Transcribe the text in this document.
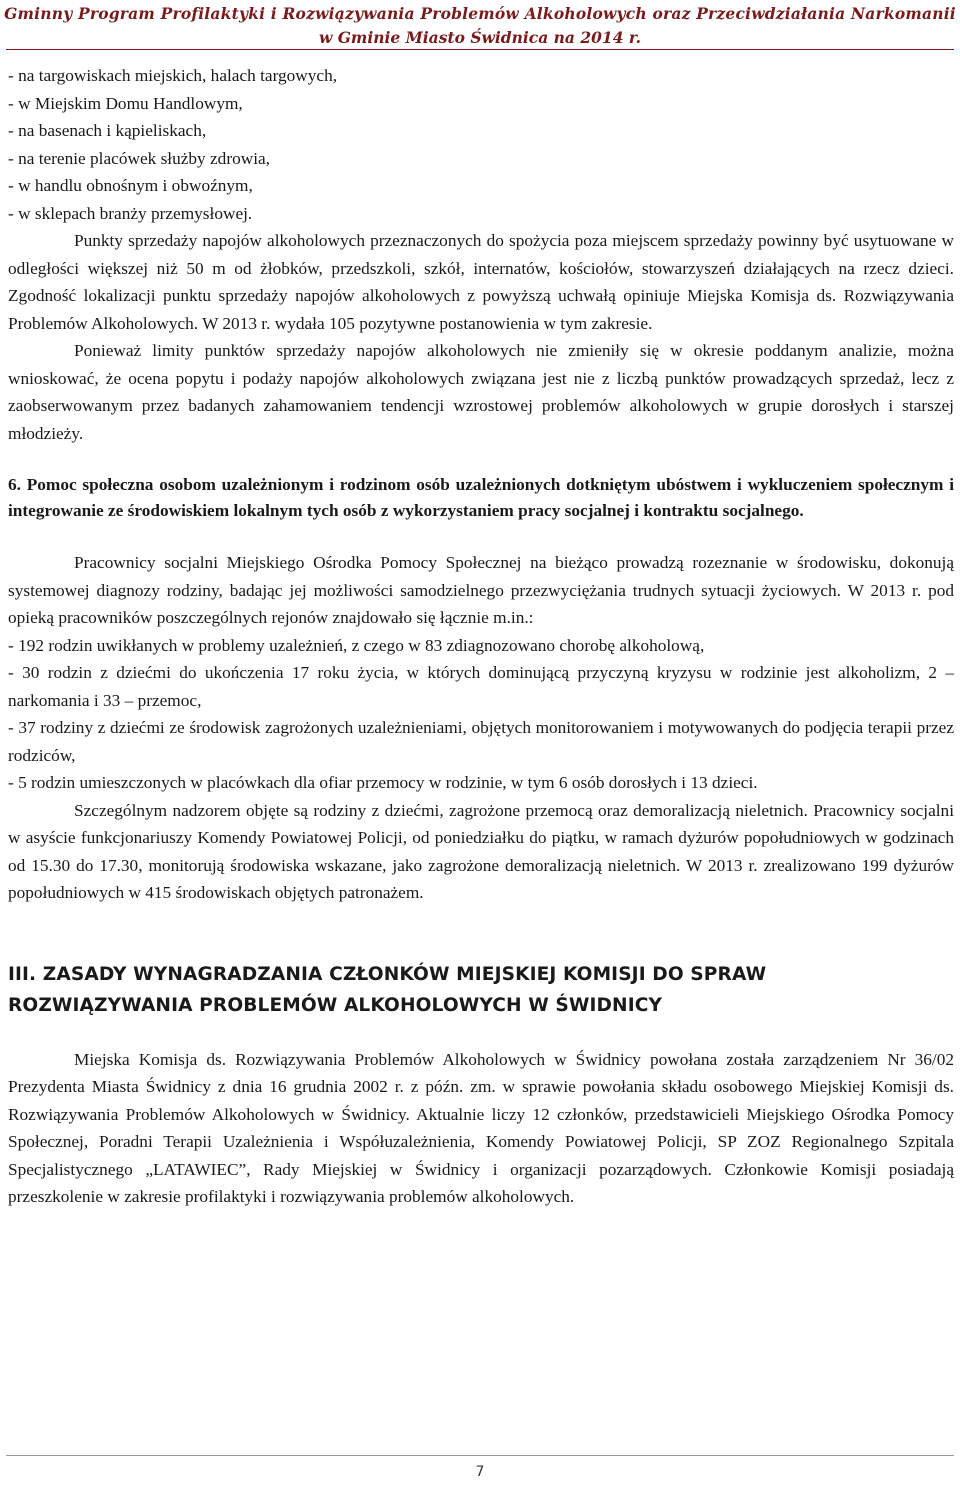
Gminny Program Profilaktyki i Rozwiązywania Problemów Alkoholowych oraz Przeciwdziałania Narkomanii
w Gminie Miasto Świdnica na 2014 r.
- na targowiskach miejskich, halach targowych,
- w Miejskim Domu Handlowym,
- na basenach i kąpieliskach,
- na terenie placówek służby zdrowia,
- w handlu obnośnym i obwoźnym,
- w sklepach branży przemysłowej.

Punkty sprzedaży napojów alkoholowych przeznaczonych do spożycia poza miejscem sprzedaży powinny być usytuowane w odległości większej niż 50 m od żłobków, przedszkoli, szkół, internatów, kościołów, stowarzyszeń działających na rzecz dzieci. Zgodność lokalizacji punktu sprzedaży napojów alkoholowych z powyższą uchwałą opiniuje Miejska Komisja ds. Rozwiązywania Problemów Alkoholowych. W 2013 r. wydała 105 pozytywne postanowienia w tym zakresie.

Ponieważ limity punktów sprzedaży napojów alkoholowych nie zmieniły się w okresie poddanym analizie, można wnioskować, że ocena popytu i podaży napojów alkoholowych związana jest nie z liczbą punktów prowadzących sprzedaż, lecz z zaobserwowanym przez badanych zahamowaniem tendencji wzrostowej problemów alkoholowych w grupie dorosłych i starszej młodzieży.

6. Pomoc społeczna osobom uzależnionym i rodzinom osób uzależnionych dotkniętym ubóstwem i wykluczeniem społecznym i integrowanie ze środowiskiem lokalnym tych osób z wykorzystaniem pracy socjalnej i kontraktu socjalnego.

Pracownicy socjalni Miejskiego Ośrodka Pomocy Społecznej na bieżąco prowadzą rozeznanie w środowisku, dokonują systemowej diagnozy rodziny, badając jej możliwości samodzielnego przezwyciężania trudnych sytuacji życiowych. W 2013 r. pod opieką pracowników poszczególnych rejonów znajdowało się łącznie m.in.:

- 192 rodzin uwikłanych w problemy uzależnień, z czego w 83 zdiagnozowano chorobę alkoholową,

- 30 rodzin z dziećmi do ukończenia 17 roku życia, w których dominującą przyczyną kryzysu w rodzinie jest alkoholizm, 2 – narkomania i 33 – przemoc,

- 37 rodziny z dziećmi ze środowisk zagrożonych uzależnieniami, objętych monitorowaniem i motywowanych do podjęcia terapii przez rodziców,

- 5 rodzin umieszczonych w placówkach dla ofiar przemocy w rodzinie, w tym 6 osób dorosłych i 13 dzieci.

Szczególnym nadzorem objęte są rodziny z dziećmi, zagrożone przemocą oraz demoralizacją nieletnich. Pracownicy socjalni w asyście funkcjonariuszy Komendy Powiatowej Policji, od poniedziałku do piątku, w ramach dyżurów popołudniowych w godzinach od 15.30 do 17.30, monitorują środowiska wskazane, jako zagrożone demoralizacją nieletnich. W 2013 r. zrealizowano 199 dyżurów popołudniowych w 415 środowiskach objętych patronażem.

III. ZASADY WYNAGRADZANIA CZŁONKÓW MIEJSKIEJ KOMISJI DO SPRAW ROZWIĄZYWANIA PROBLEMÓW ALKOHOLOWYCH W ŚWIDNICY

Miejska Komisja ds. Rozwiązywania Problemów Alkoholowych w Świdnicy powołana została zarządzeniem Nr 36/02 Prezydenta Miasta Świdnicy z dnia 16 grudnia 2002 r. z późn. zm. w sprawie powołania składu osobowego Miejskiej Komisji ds. Rozwiązywania Problemów Alkoholowych w Świdnicy. Aktualnie liczy 12 członków, przedstawicieli Miejskiego Ośrodka Pomocy Społecznej, Poradni Terapii Uzależnienia i Współuzależnienia, Komendy Powiatowej Policji, SP ZOZ Regionalnego Szpitala Specjalistycznego „LATAWIEC”, Rady Miejskiej w Świdnicy i organizacji pozarządowych. Członkowie Komisji posiadają przeszkolenie w zakresie profilaktyki i rozwiązywania problemów alkoholowych.

7
